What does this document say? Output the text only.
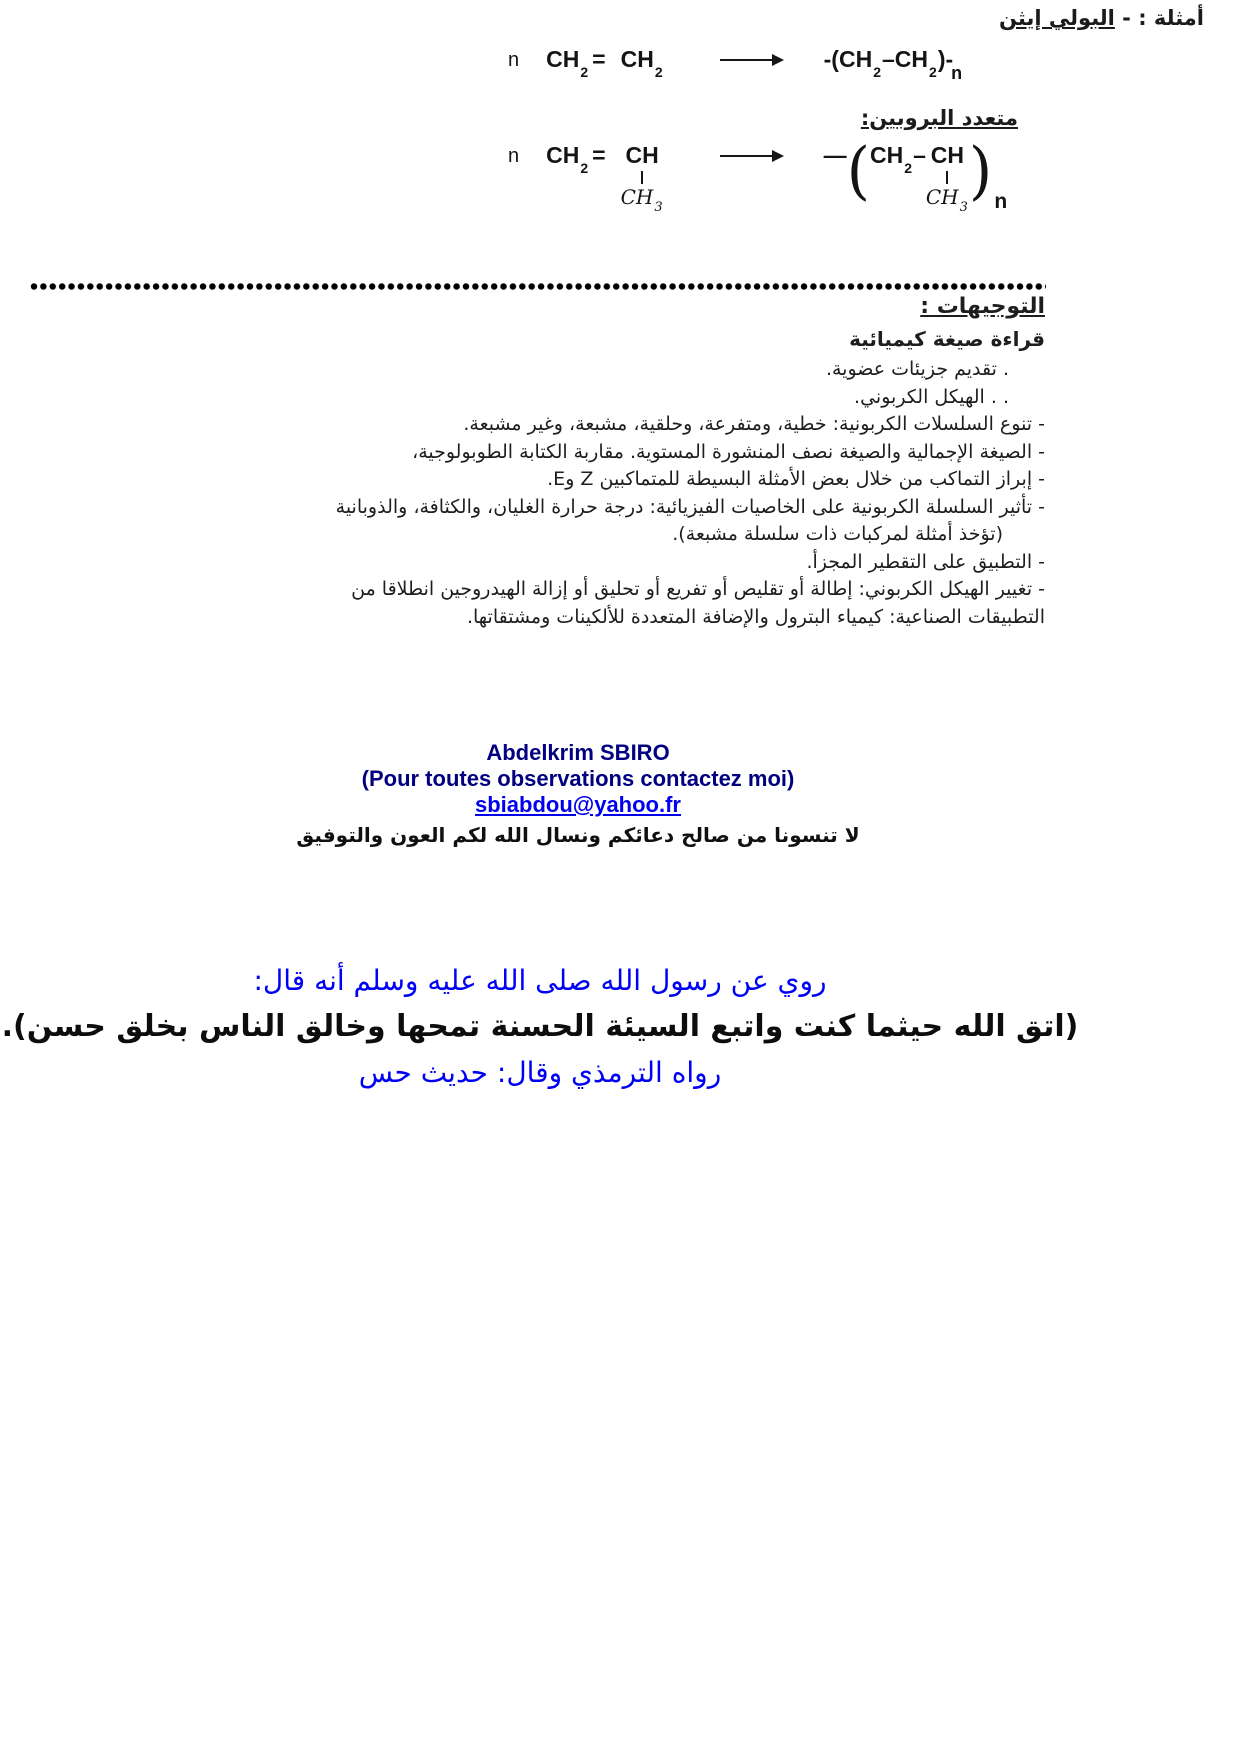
أمثلة : - البولي إيثن
n $CH_2 = CH_2$	$-(CH_2-CH_2)-_n$
متعدد البروبين:
n $CH_2$ = CH
$CH_3$
— ( $CH_2-$ CH
$CH_3$ ) n
التوجيهات :
قراءة صيغة كيميائية
. تقديم جزيئات عضوية.
. . الهيكل الكربوني.
- تنوع السلسلات الكربونية: خطية، ومتفرعة، وحلقية، مشبعة، وغير مشبعة.
- الصيغة الإجمالية والصيغة نصف المنشورة المستوية. مقاربة الكتابة الطوبولوجية،
- إبراز التماكب من خلال بعض الأمثلة البسيطة للمتماكبين Z وE.
- تأثير السلسلة الكربونية على الخاصيات الفيزيائية: درجة حرارة الغليان، والكثافة، والذوبانية
(تؤخذ أمثلة لمركبات ذات سلسلة مشبعة).
- التطبيق على التقطير المجزأ.
- تغيير الهيكل الكربوني: إطالة أو تقليص أو تفريع أو تحليق أو إزالة الهيدروجين انطلاقا من
التطبيقات الصناعية: كيمياء البترول والإضافة المتعددة للألكينات ومشتقاتها.
Abdelkrim SBIRO
(Pour toutes observations contactez moi)
sbiabdou@yahoo.fr
لا تنسونا من صالح دعائكم ونسال الله لكم العون والتوفيق
روي عن رسول الله صلى الله عليه وسلم أنه قال:
(اتق الله حيثما كنت واتبع السيئة الحسنة تمحها وخالق الناس بخلق حسن).
رواه الترمذي وقال: حديث حس
